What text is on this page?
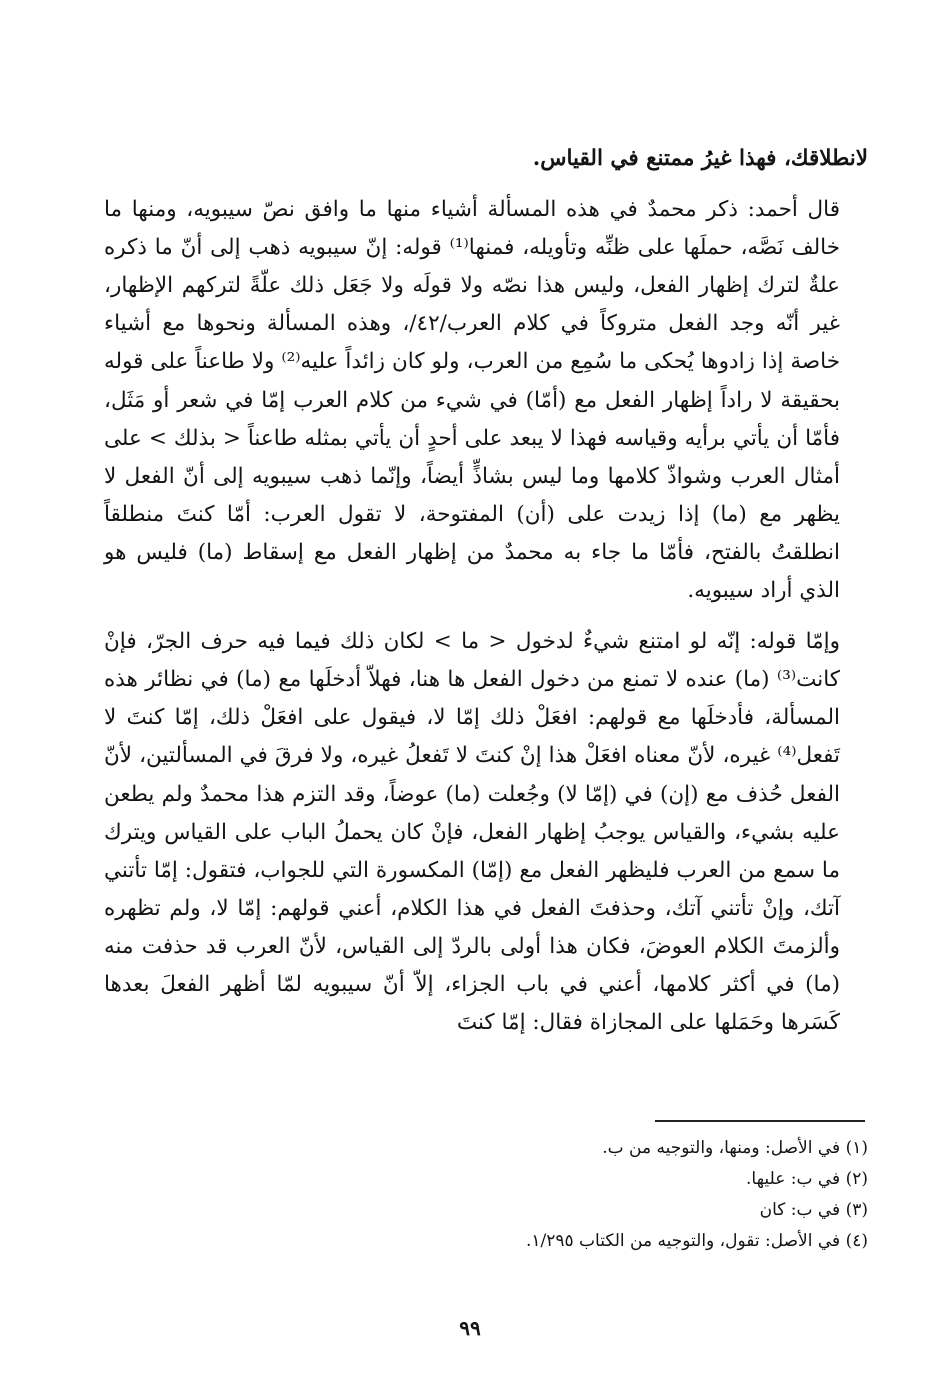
لانطلاقك، فهذا غيرُ ممتنع في القياس.

قال أحمد: ذكر محمدٌ في هذه المسألة أشياء منها ما وافق نصّ سيبويه، ومنها ما خالف نَصَّه، حملَها على ظنِّه وتأويله، فمنها⁽¹⁾ قوله: إنّ سيبويه ذهب إلى أنّ ما ذكره علةٌ لترك إظهار الفعل، وليس هذا نصّه ولا قولَه ولا جَعَل ذلك علّةً لتركهم الإظهار، غير أنّه وجد الفعل متروكاً في كلام العرب/٤٢/، وهذه المسألة ونحوها مع أشياء خاصة إذا زادوها يُحكى ما سُمِع من العرب، ولو كان زائداً عليه⁽²⁾ ولا طاعناً على قوله بحقيقة لا راداً إظهار الفعل مع (أمّا) في شيء من كلام العرب إمّا في شعر أو مَثَل، فأمّا أن يأتي برأيه وقياسه فهذا لا يبعد على أحدٍ أن يأتي بمثله طاعناً < بذلك > على أمثال العرب وشواذّ كلامها وما ليس بشاذٍّ أيضاً، وإنّما ذهب سيبويه إلى أنّ الفعل لا يظهر مع (ما) إذا زيدت على (أن) المفتوحة، لا تقول العرب: أمّا كنتَ منطلقاً انطلقتُ بالفتح، فأمّا ما جاء به محمدٌ من إظهار الفعل مع إسقاط (ما) فليس هو الذي أراد سيبويه.

وإمّا قوله: إنّه لو امتنع شيءٌ لدخول < ما > لكان ذلك فيما فيه حرف الجرّ، فإنْ كانت⁽³⁾ (ما) عنده لا تمنع من دخول الفعل ها هنا، فهلاّ أدخلَها مع (ما) في نظائر هذه المسألة، فأدخلَها مع قولهم: افعَلْ ذلك إمّا لا، فيقول على افعَلْ ذلك، إمّا كنتَ لا تَفعل⁽⁴⁾ غيره، لأنّ معناه افعَلْ هذا إنْ كنتَ لا تَفعلُ غيره، ولا فرقَ في المسألتين، لأنّ الفعل حُذف مع (إن) في (إمّا لا) وجُعلت (ما) عوضاً، وقد التزم هذا محمدٌ ولم يطعن عليه بشيء، والقياس يوجبُ إظهار الفعل، فإنْ كان يحملُ الباب على القياس ويترك ما سمع من العرب فليظهر الفعل مع (إمّا) المكسورة التي للجواب، فتقول: إمّا تأتني آتك، وإنْ تأتني آتك، وحذفتَ الفعل في هذا الكلام، أعني قولهم: إمّا لا، ولم تظهره وألزمتَ الكلام العوضَ، فكان هذا أولى بالردّ إلى القياس، لأنّ العرب قد حذفت منه (ما) في أكثر كلامها، أعني في باب الجزاء، إلاّ أنّ سيبويه لمّا أظهر الفعلَ بعدها كَسَرها وحَمَلها على المجازاة فقال: إمّا كنتَ

(١) في الأصل: ومنها، والتوجيه من ب.

(٢) في ب: عليها.

(٣) في ب: كان

(٤) في الأصل: تقول، والتوجيه من الكتاب ١/٢٩٥.

٩٩
